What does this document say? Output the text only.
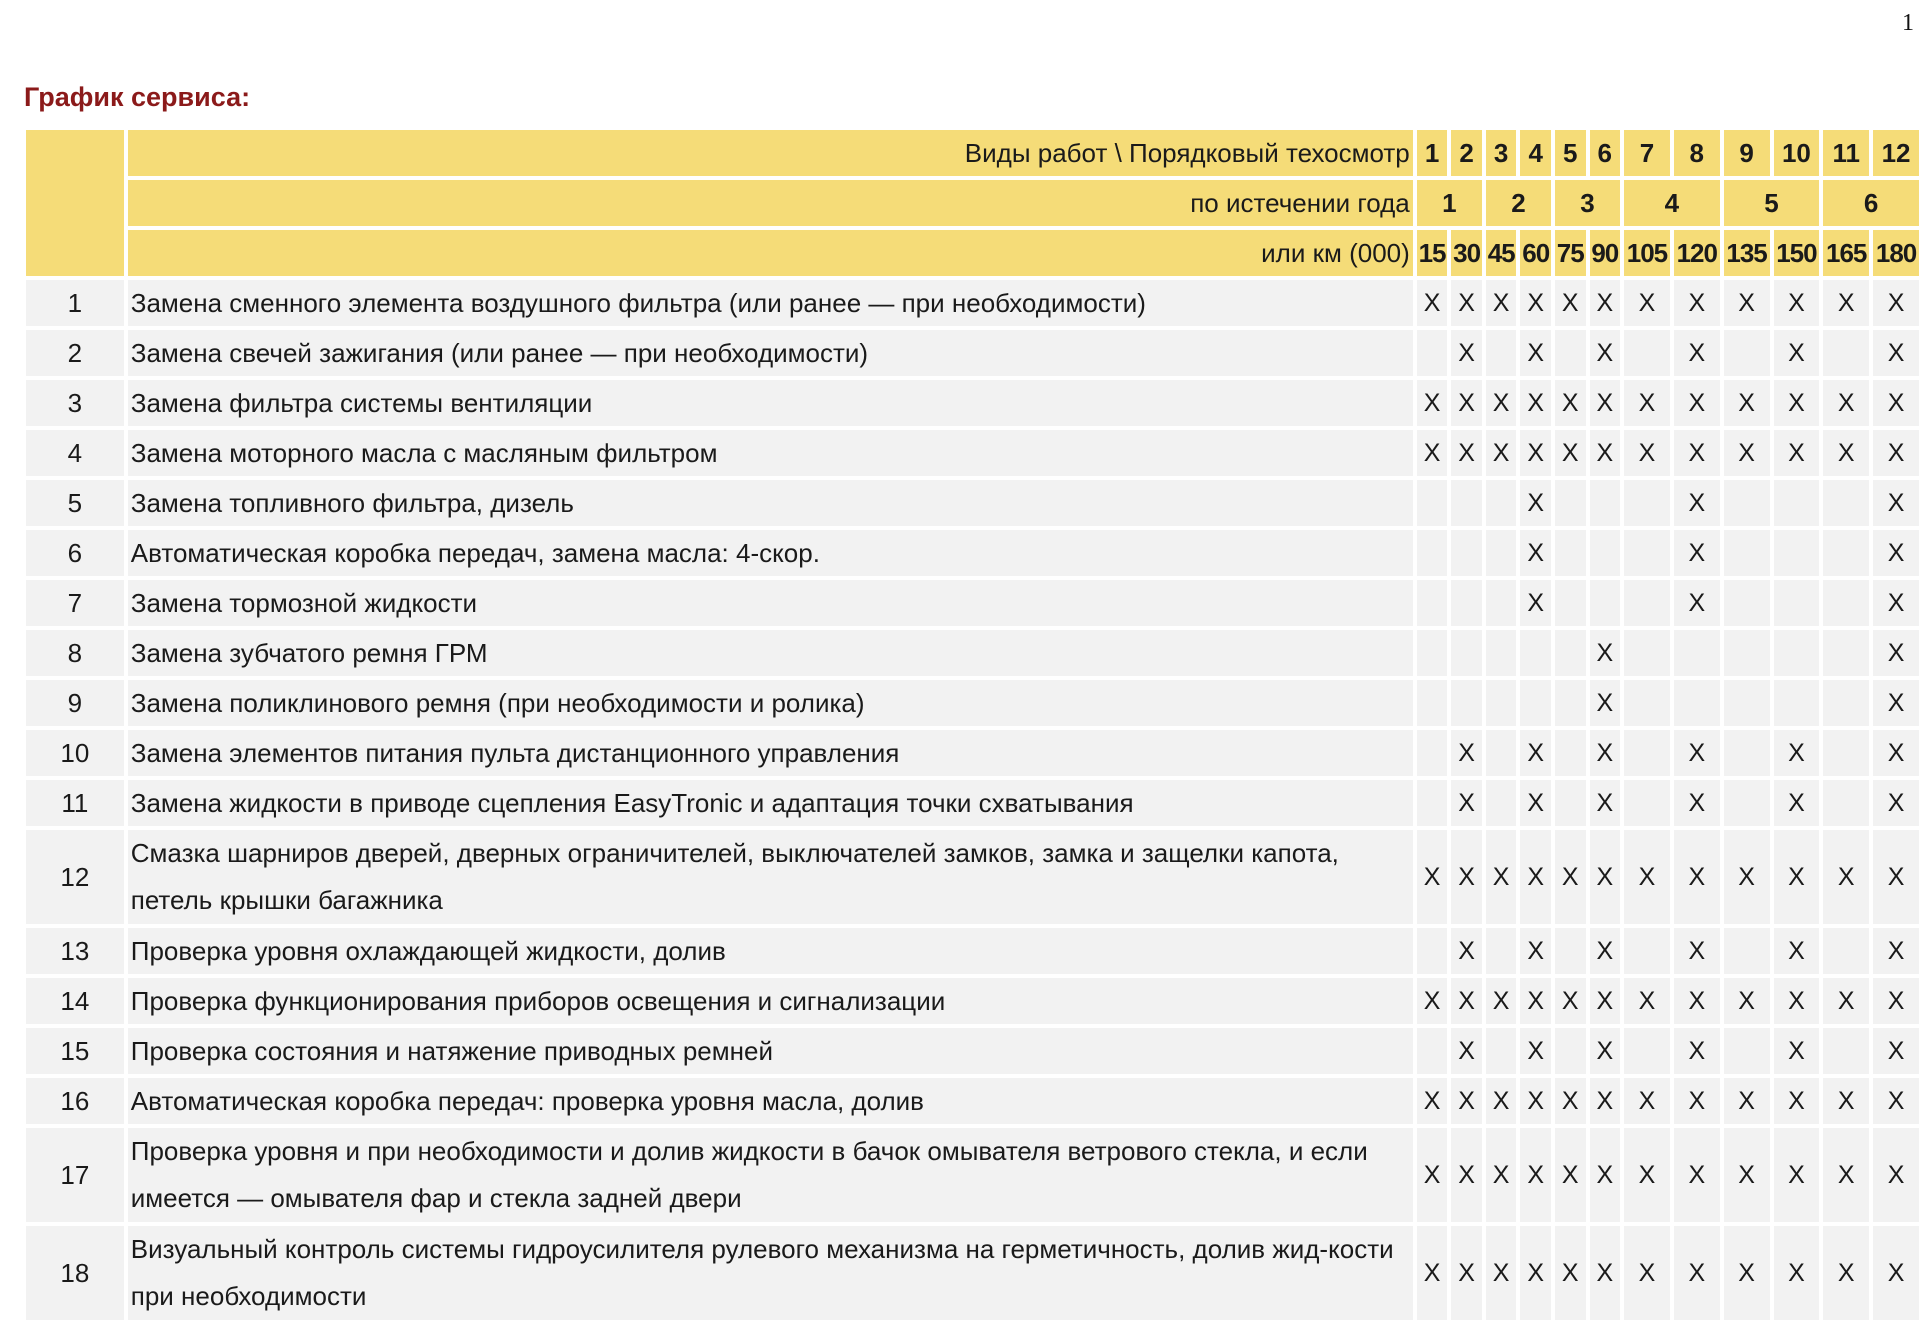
1
График сервиса:
	Виды работ \ Порядковый техосмотр	1	2	3	4	5	6	7	8	9	10	11	12
	по истечении года	1		2		3		4		5		6	
	или км (000)	15	30	45	60	75	90	105	120	135	150	165	180
1	Замена сменного элемента воздушного фильтра (или ранее — при необходимости)	X	X	X	X	X	X	X	X	X	X	X	X
2	Замена свечей зажигания (или ранее — при необходимости)		X		X		X		X		X		X
3	Замена фильтра системы вентиляции	X	X	X	X	X	X	X	X	X	X	X	X
4	Замена моторного масла с масляным фильтром	X	X	X	X	X	X	X	X	X	X	X	X
5	Замена топливного фильтра, дизель				X				X				X
6	Автоматическая коробка передач, замена масла: 4-скор.				X				X				X
7	Замена тормозной жидкости				X				X				X
8	Замена зубчатого ремня ГРМ						X						X
9	Замена поликлинового ремня (при необходимости и ролика)						X						X
10	Замена элементов питания пульта дистанционного управления		X		X		X		X		X		X
11	Замена жидкости в приводе сцепления EasyTronic и адаптация точки схватывания		X		X		X		X		X		X
12	Смазка шарниров дверей, дверных ограничителей, выключателей замков, замка и защелки капота, петель крышки багажника	X	X	X	X	X	X	X	X	X	X	X	X
13	Проверка уровня охлаждающей жидкости, долив		X		X		X		X		X		X
14	Проверка функционирования приборов освещения и сигнализации	X	X	X	X	X	X	X	X	X	X	X	X
15	Проверка состояния и натяжение приводных ремней		X		X		X		X		X		X
16	Автоматическая коробка передач: проверка уровня масла, долив	X	X	X	X	X	X	X	X	X	X	X	X
17	Проверка уровня и при необходимости и долив жидкости в бачок омывателя ветрового стекла, и если имеется — омывателя фар и стекла задней двери	X	X	X	X	X	X	X	X	X	X	X	X
18	Визуальный контроль системы гидроусилителя рулевого механизма на герметичность, долив жид-кости при необходимости	X	X	X	X	X	X	X	X	X	X	X	X
